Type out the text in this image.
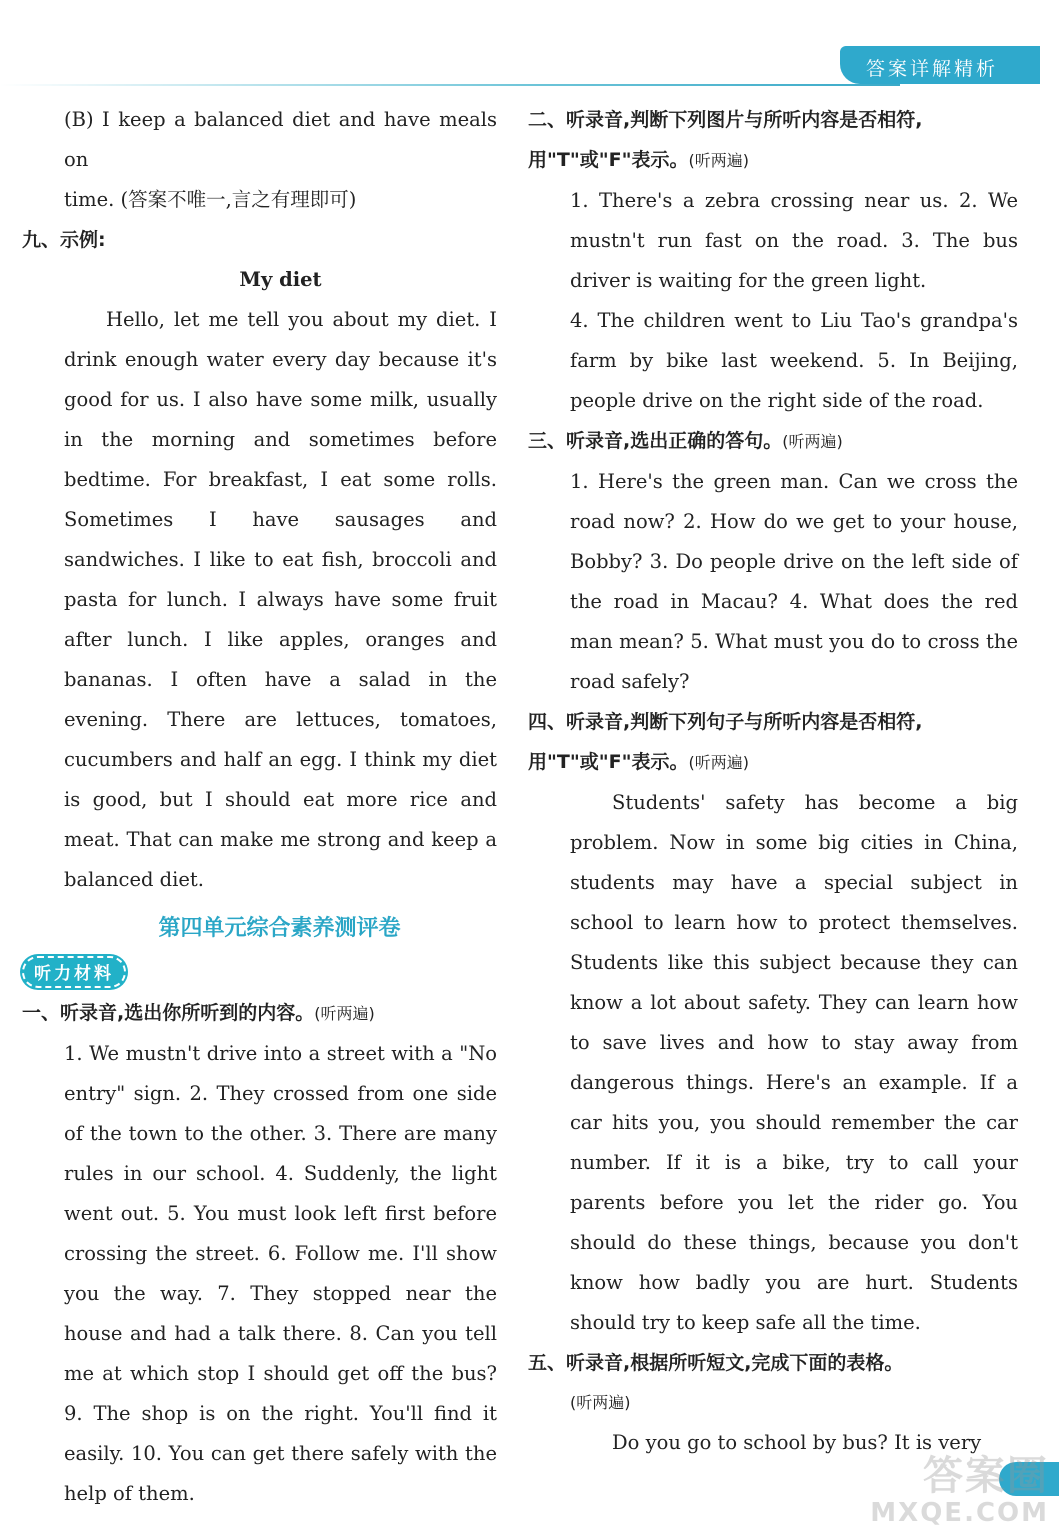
答案详解精析
(B) I keep a balanced diet and have meals on
time. (答案不唯一,言之有理即可)
九、示例:
My diet
Hello, let me tell you about my diet. I drink enough water every day because it's good for us. I also have some milk, usually in the morning and sometimes before bedtime. For breakfast, I eat some rolls. Sometimes I have sausages and sandwiches. I like to eat fish, broccoli and pasta for lunch. I always have some fruit after lunch. I like apples, oranges and bananas. I often have a salad in the evening. There are lettuces, tomatoes, cucumbers and half an egg. I think my diet is good, but I should eat more rice and meat. That can make me strong and keep a balanced diet.
第四单元综合素养测评卷
听力材料
一、听录音,选出你所听到的内容。(听两遍)
1. We mustn't drive into a street with a "No entry" sign. 2. They crossed from one side of the town to the other. 3. There are many rules in our school. 4. Suddenly, the light went out. 5. You must look left first before crossing the street. 6. Follow me. I'll show you the way. 7. They stopped near the house and had a talk there. 8. Can you tell me at which stop I should get off the bus? 9. The shop is on the right. You'll find it easily. 10. You can get there safely with the help of them.
二、听录音,判断下列图片与所听内容是否相符,用"T"或"F"表示。(听两遍)
1. There's a zebra crossing near us. 2. We mustn't run fast on the road. 3. The bus driver is waiting for the green light.
4. The children went to Liu Tao's grandpa's farm by bike last weekend. 5. In Beijing, people drive on the right side of the road.
三、听录音,选出正确的答句。(听两遍)
1. Here's the green man. Can we cross the road now? 2. How do we get to your house, Bobby? 3. Do people drive on the left side of the road in Macau? 4. What does the red man mean? 5. What must you do to cross the road safely?
四、听录音,判断下列句子与所听内容是否相符,用"T"或"F"表示。(听两遍)
Students' safety has become a big problem. Now in some big cities in China, students may have a special subject in school to learn how to protect themselves. Students like this subject because they can know a lot about safety. They can learn how to save lives and how to stay away from dangerous things. Here's an example. If a car hits you, you should remember the car number. If it is a bike, try to call your parents before you let the rider go. You should do these things, because you don't know how badly you are hurt. Students should try to keep safe all the time.
五、听录音,根据所听短文,完成下面的表格。
(听两遍)
Do you go to school by bus? It is very
答案圈
MXQE.COM
